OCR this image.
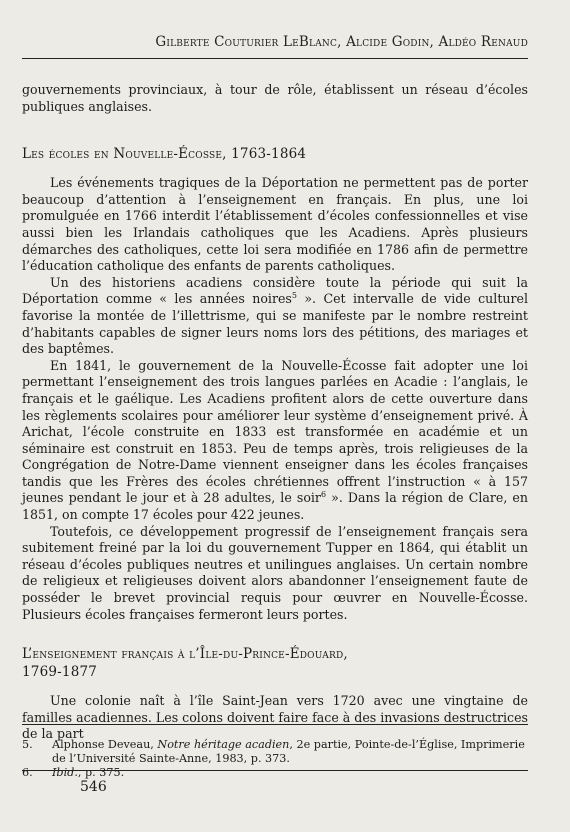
Gilberte Couturier LeBlanc, Alcide Godin, Aldéo Renaud

gouvernements provinciaux, à tour de rôle, établissent un réseau d’écoles publiques anglaises.

Les écoles en Nouvelle-Écosse, 1763-1864

Les événements tragiques de la Déportation ne permettent pas de porter beaucoup d’attention à l’enseignement en français. En plus, une loi promulguée en 1766 interdit l’établissement d’écoles confessionnelles et vise aussi bien les Irlandais catholiques que les Acadiens. Après plusieurs démarches des catholiques, cette loi sera modifiée en 1786 afin de permettre l’éducation catholique des enfants de parents catholiques.

Un des historiens acadiens considère toute la période qui suit la Déportation comme « les années noires$^5$ ». Cet intervalle de vide culturel favorise la montée de l’illettrisme, qui se manifeste par le nombre restreint d’habitants capables de signer leurs noms lors des pétitions, des mariages et des baptêmes.

En 1841, le gouvernement de la Nouvelle-Écosse fait adopter une loi permettant l’enseignement des trois langues parlées en Acadie : l’anglais, le français et le gaélique. Les Acadiens profitent alors de cette ouverture dans les règlements scolaires pour améliorer leur système d’enseignement privé. À Arichat, l’école construite en 1833 est transformée en académie et un séminaire est construit en 1853. Peu de temps après, trois religieuses de la Congrégation de Notre-Dame viennent enseigner dans les écoles françaises tandis que les Frères des écoles chrétiennes offrent l’instruction « à 157 jeunes pendant le jour et à 28 adultes, le soir$^6$ ». Dans la région de Clare, en 1851, on compte 17 écoles pour 422 jeunes.

Toutefois, ce développement progressif de l’enseignement français sera subitement freiné par la loi du gouvernement Tupper en 1864, qui établit un réseau d’écoles publiques neutres et unilingues anglaises. Un certain nombre de religieux et religieuses doivent alors abandonner l’enseignement faute de posséder le brevet provincial requis pour œuvrer en Nouvelle-Écosse. Plusieurs écoles françaises fermeront leurs portes.

L’enseignement français à l’Île-du-Prince-Édouard,
1769-1877

Une colonie naît à l’île Saint-Jean vers 1720 avec une vingtaine de familles acadiennes. Les colons doivent faire face à des invasions destructrices de la part

5.	Alphonse Deveau, Notre héritage acadien, 2e partie, Pointe-de-l’Église, Imprimerie de l’Université Sainte-Anne, 1983, p. 373.
6.	Ibid., p. 375.
546
